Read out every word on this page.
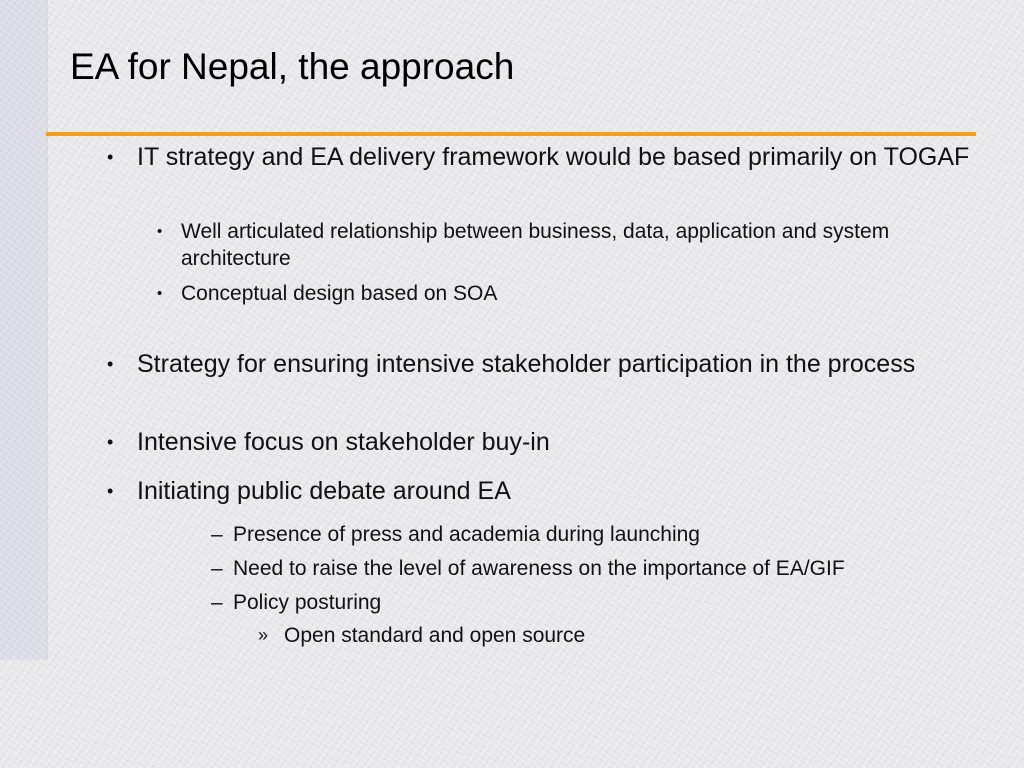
EA for Nepal, the approach
• IT strategy and EA delivery framework would be based primarily on TOGAF
• Well articulated relationship between business, data, application and system architecture
• Conceptual design based on SOA
• Strategy for ensuring intensive stakeholder participation in the process
• Intensive focus on stakeholder buy-in
• Initiating public debate around EA
– Presence of press and academia during launching
– Need to raise the level of awareness on the importance of EA/GIF
– Policy posturing
» Open standard and open source
